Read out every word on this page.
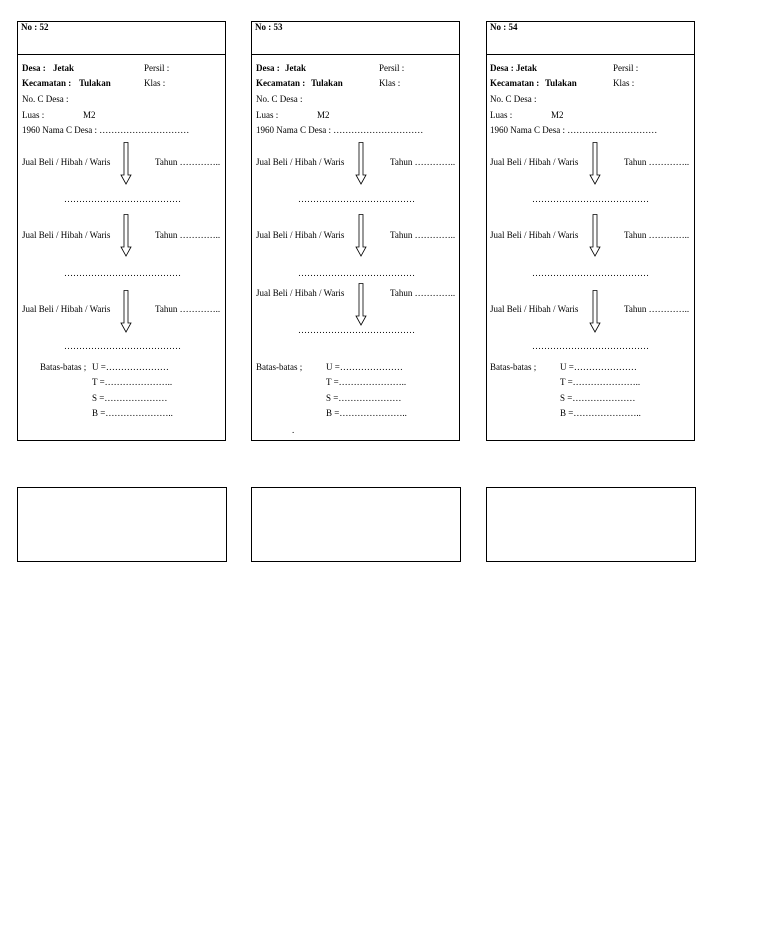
No : 52
Desa : Jetak	Persil :
Kecamatan : Tulakan	Klas :
No. C Desa :
Luas :	M2
1960 Nama C Desa : …………………………
Jual Beli / Hibah / Waris	Tahun …………..
…………………………………
Jual Beli / Hibah / Waris	Tahun …………..
…………………………………
Jual Beli / Hibah / Waris	Tahun …………..
…………………………………
Batas-batas ; U =…………………
T =…………………..
S =…………………
B =…………………..
No : 53
Desa : Jetak	Persil :
Kecamatan : Tulakan	Klas :
No. C Desa :
Luas :	M2
1960 Nama C Desa : …………………………
Jual Beli / Hibah / Waris	Tahun …………..
…………………………………
Jual Beli / Hibah / Waris	Tahun …………..
…………………………………
Jual Beli / Hibah / Waris	Tahun …………..
…………………………………
Batas-batas ;	U =…………………
T =…………………..
S =…………………
B =…………………..
.
No : 54
Desa : Jetak	Persil :
Kecamatan : Tulakan	Klas :
No. C Desa :
Luas :	M2
1960 Nama C Desa : …………………………
Jual Beli / Hibah / Waris	Tahun …………..
…………………………………
Jual Beli / Hibah / Waris	Tahun …………..
…………………………………
Jual Beli / Hibah / Waris	Tahun …………..
…………………………………
Batas-batas ;	U =…………………
T =…………………..
S =…………………
B =…………………..
